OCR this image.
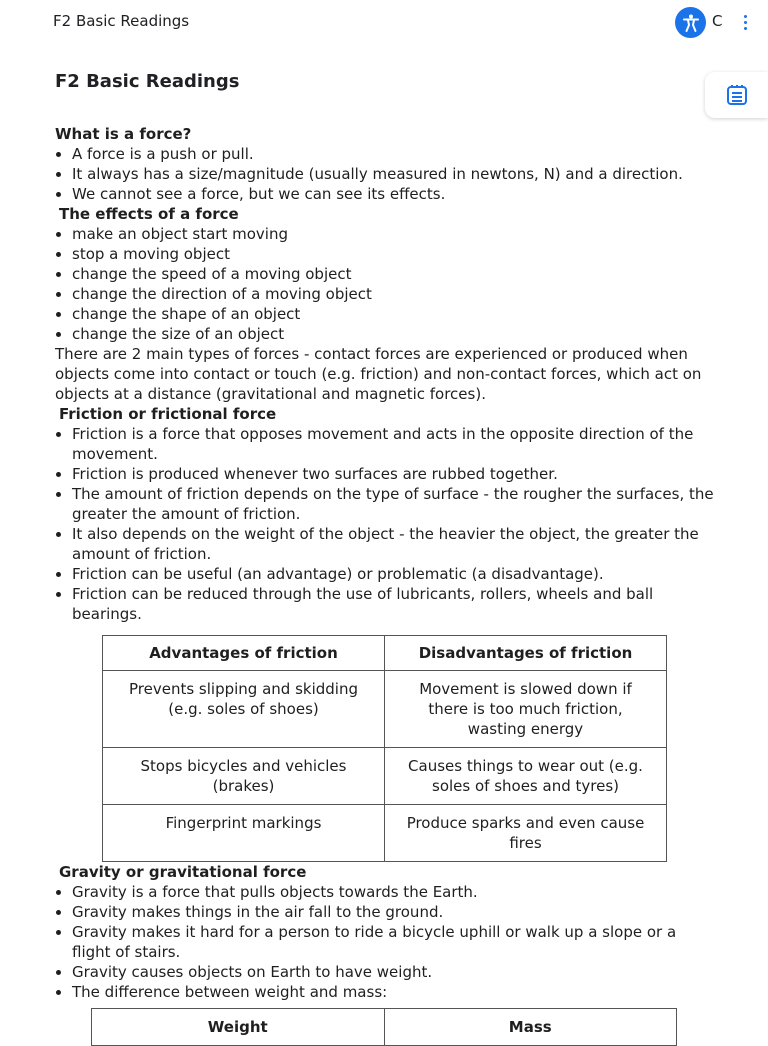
F2 Basic Readings	C
F2 Basic Readings

What is a force?

• A force is a push or pull.
• It always has a size/magnitude (usually measured in newtons, N) and a direction.
• We cannot see a force, but we can see its effects.

The effects of a force

• make an object start moving
• stop a moving object
• change the speed of a moving object
• change the direction of a moving object
• change the shape of an object
• change the size of an object

There are 2 main types of forces - contact forces are experienced or produced when objects come into contact or touch (e.g. friction) and non-contact forces, which act on objects at a distance (gravitational and magnetic forces).

Friction or frictional force

• Friction is a force that opposes movement and acts in the opposite direction of the movement.
• Friction is produced whenever two surfaces are rubbed together.
• The amount of friction depends on the type of surface - the rougher the surfaces, the greater the amount of friction.
• It also depends on the weight of the object - the heavier the object, the greater the amount of friction.
• Friction can be useful (an advantage) or problematic (a disadvantage).
• Friction can be reduced through the use of lubricants, rollers, wheels and ball bearings.
Advantages of friction	Disadvantages of friction
Prevents slipping and skidding (e.g. soles of shoes)	Movement is slowed down if there is too much friction, wasting energy
Stops bicycles and vehicles (brakes)	Causes things to wear out (e.g. soles of shoes and tyres)
Fingerprint markings	Produce sparks and even cause fires

Gravity or gravitational force

• Gravity is a force that pulls objects towards the Earth.
• Gravity makes things in the air fall to the ground.
• Gravity makes it hard for a person to ride a bicycle uphill or walk up a slope or a flight of stairs.
• Gravity causes objects on Earth to have weight.
• The difference between weight and mass:
Weight	Mass
